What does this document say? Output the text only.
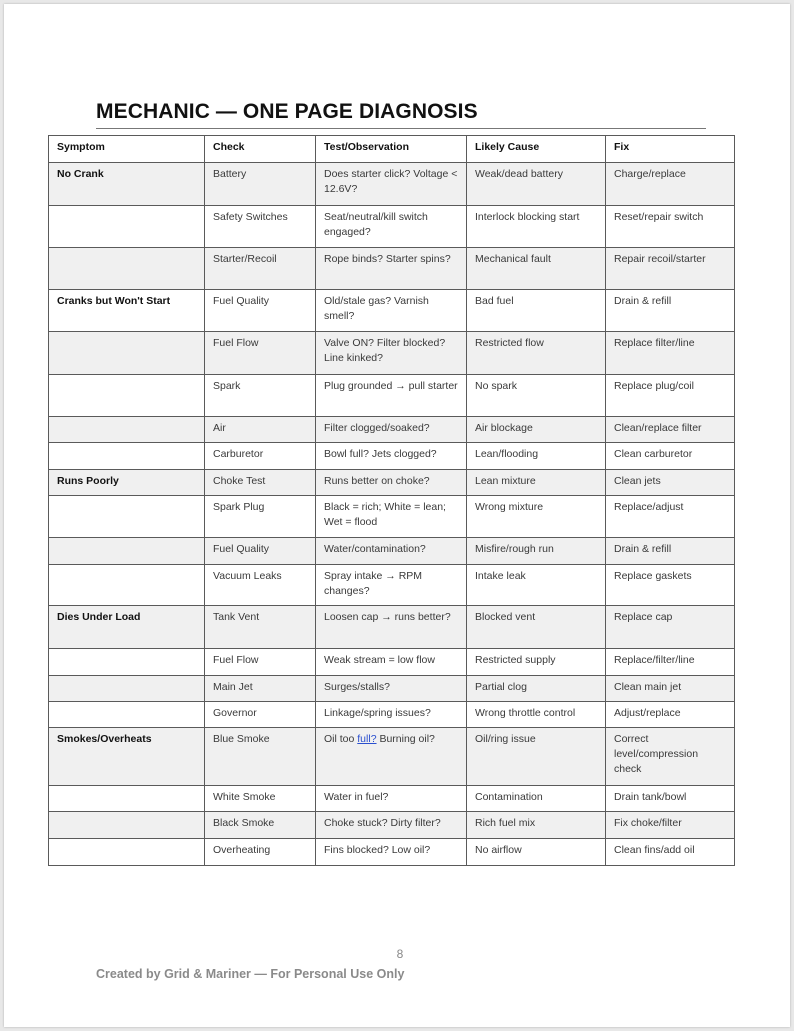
MECHANIC — ONE PAGE DIAGNOSIS
Symptom	Check	Test/Observation	Likely Cause	Fix
No Crank	Battery	Does starter click? Voltage < 12.6V?	Weak/dead battery	Charge/replace
	Safety Switches	Seat/neutral/kill switch engaged?	Interlock blocking start	Reset/repair switch
	Starter/Recoil	Rope binds? Starter spins?	Mechanical fault	Repair recoil/starter
Cranks but Won't Start	Fuel Quality	Old/stale gas? Varnish smell?	Bad fuel	Drain & refill
	Fuel Flow	Valve ON? Filter blocked? Line kinked?	Restricted flow	Replace filter/line
	Spark	Plug grounded → pull starter	No spark	Replace plug/coil
	Air	Filter clogged/soaked?	Air blockage	Clean/replace filter
	Carburetor	Bowl full? Jets clogged?	Lean/flooding	Clean carburetor
Runs Poorly	Choke Test	Runs better on choke?	Lean mixture	Clean jets
	Spark Plug	Black = rich; White = lean; Wet = flood	Wrong mixture	Replace/adjust
	Fuel Quality	Water/contamination?	Misfire/rough run	Drain & refill
	Vacuum Leaks	Spray intake → RPM changes?	Intake leak	Replace gaskets
Dies Under Load	Tank Vent	Loosen cap → runs better?	Blocked vent	Replace cap
	Fuel Flow	Weak stream = low flow	Restricted supply	Replace/filter/line
	Main Jet	Surges/stalls?	Partial clog	Clean main jet
	Governor	Linkage/spring issues?	Wrong throttle control	Adjust/replace
Smokes/Overheats	Blue Smoke	Oil too full? Burning oil?	Oil/ring issue	Correct level/compression check
	White Smoke	Water in fuel?	Contamination	Drain tank/bowl
	Black Smoke	Choke stuck? Dirty filter?	Rich fuel mix	Fix choke/filter
	Overheating	Fins blocked? Low oil?	No airflow	Clean fins/add oil
8
Created by Grid & Mariner — For Personal Use Only
